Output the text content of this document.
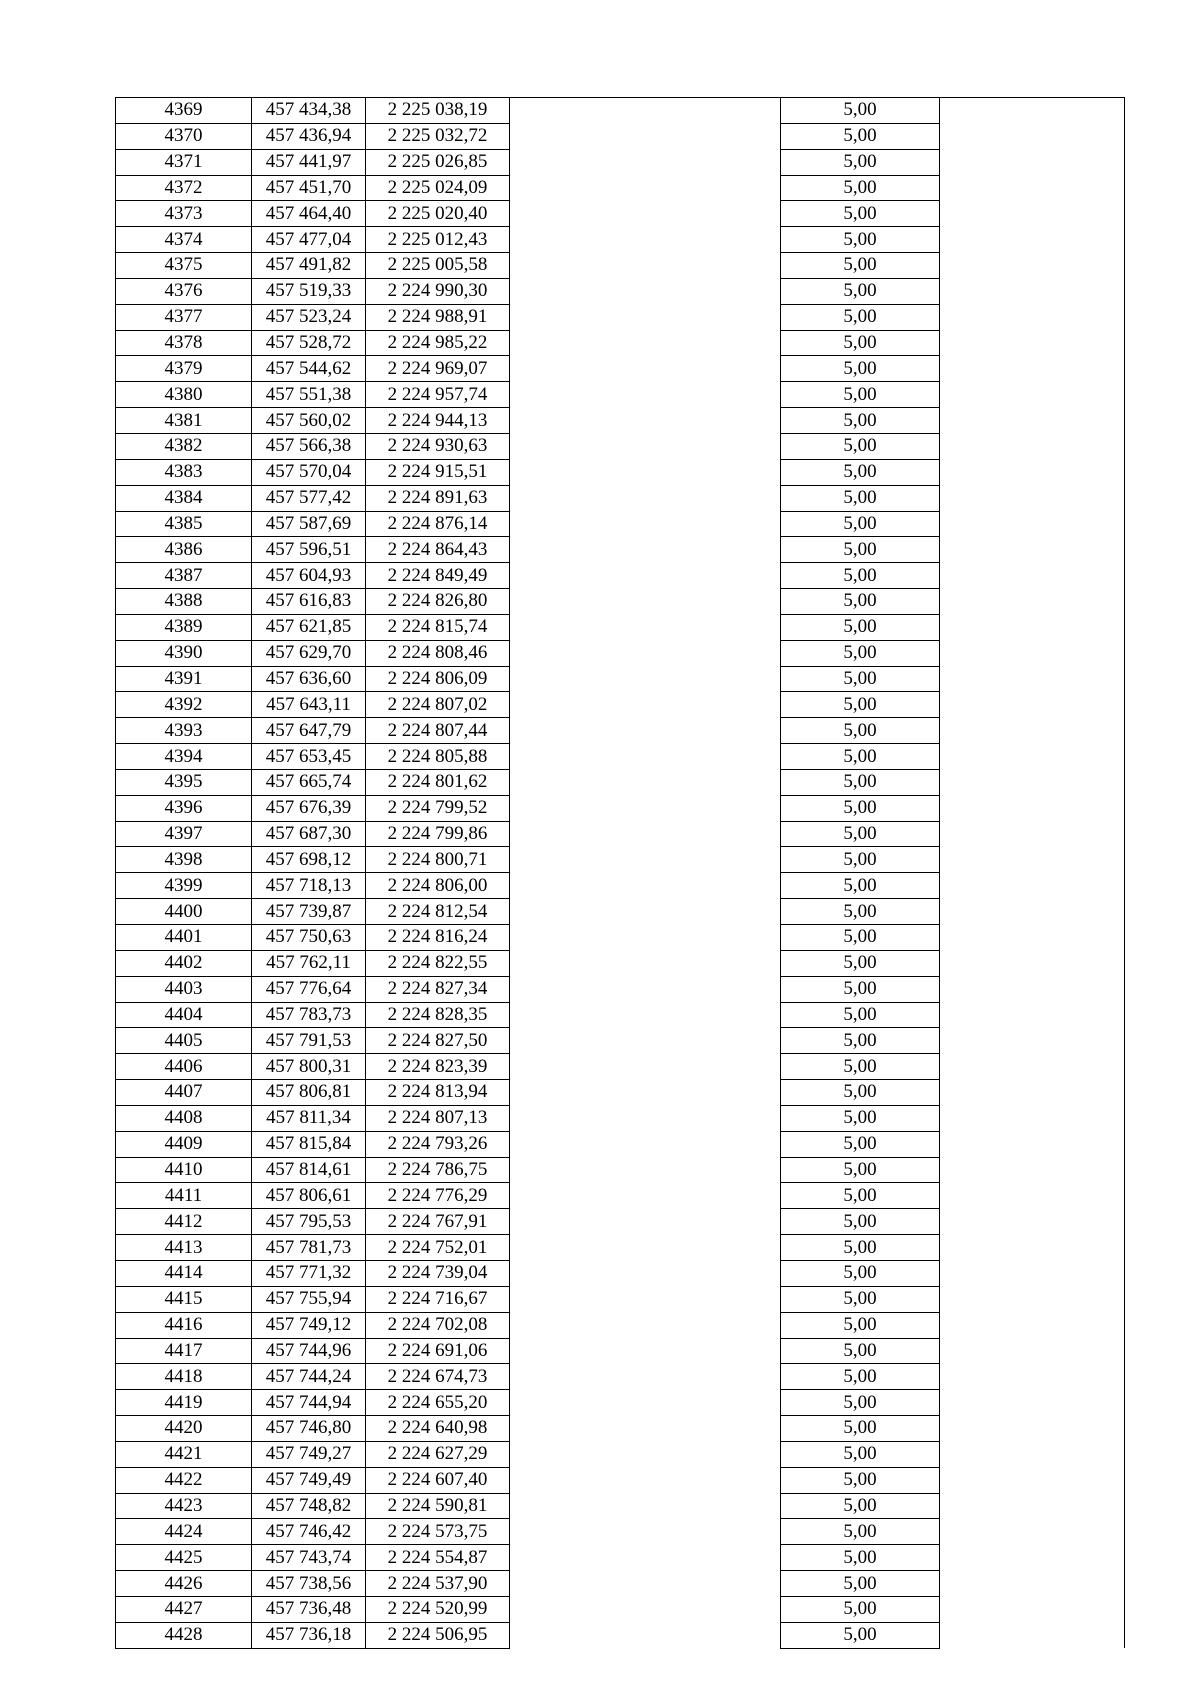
4369	457 434,38	2 225 038,19		5,00	
4370	457 436,94	2 225 032,72		5,00	
4371	457 441,97	2 225 026,85		5,00	
4372	457 451,70	2 225 024,09		5,00	
4373	457 464,40	2 225 020,40		5,00	
4374	457 477,04	2 225 012,43		5,00	
4375	457 491,82	2 225 005,58		5,00	
4376	457 519,33	2 224 990,30		5,00	
4377	457 523,24	2 224 988,91		5,00	
4378	457 528,72	2 224 985,22		5,00	
4379	457 544,62	2 224 969,07		5,00	
4380	457 551,38	2 224 957,74		5,00	
4381	457 560,02	2 224 944,13		5,00	
4382	457 566,38	2 224 930,63		5,00	
4383	457 570,04	2 224 915,51		5,00	
4384	457 577,42	2 224 891,63		5,00	
4385	457 587,69	2 224 876,14		5,00	
4386	457 596,51	2 224 864,43		5,00	
4387	457 604,93	2 224 849,49		5,00	
4388	457 616,83	2 224 826,80		5,00	
4389	457 621,85	2 224 815,74		5,00	
4390	457 629,70	2 224 808,46		5,00	
4391	457 636,60	2 224 806,09		5,00	
4392	457 643,11	2 224 807,02		5,00	
4393	457 647,79	2 224 807,44		5,00	
4394	457 653,45	2 224 805,88		5,00	
4395	457 665,74	2 224 801,62		5,00	
4396	457 676,39	2 224 799,52		5,00	
4397	457 687,30	2 224 799,86		5,00	
4398	457 698,12	2 224 800,71		5,00	
4399	457 718,13	2 224 806,00		5,00	
4400	457 739,87	2 224 812,54		5,00	
4401	457 750,63	2 224 816,24		5,00	
4402	457 762,11	2 224 822,55		5,00	
4403	457 776,64	2 224 827,34		5,00	
4404	457 783,73	2 224 828,35		5,00	
4405	457 791,53	2 224 827,50		5,00	
4406	457 800,31	2 224 823,39		5,00	
4407	457 806,81	2 224 813,94		5,00	
4408	457 811,34	2 224 807,13		5,00	
4409	457 815,84	2 224 793,26		5,00	
4410	457 814,61	2 224 786,75		5,00	
4411	457 806,61	2 224 776,29		5,00	
4412	457 795,53	2 224 767,91		5,00	
4413	457 781,73	2 224 752,01		5,00	
4414	457 771,32	2 224 739,04		5,00	
4415	457 755,94	2 224 716,67		5,00	
4416	457 749,12	2 224 702,08		5,00	
4417	457 744,96	2 224 691,06		5,00	
4418	457 744,24	2 224 674,73		5,00	
4419	457 744,94	2 224 655,20		5,00	
4420	457 746,80	2 224 640,98		5,00	
4421	457 749,27	2 224 627,29		5,00	
4422	457 749,49	2 224 607,40		5,00	
4423	457 748,82	2 224 590,81		5,00	
4424	457 746,42	2 224 573,75		5,00	
4425	457 743,74	2 224 554,87		5,00	
4426	457 738,56	2 224 537,90		5,00	
4427	457 736,48	2 224 520,99		5,00	
4428	457 736,18	2 224 506,95		5,00	
